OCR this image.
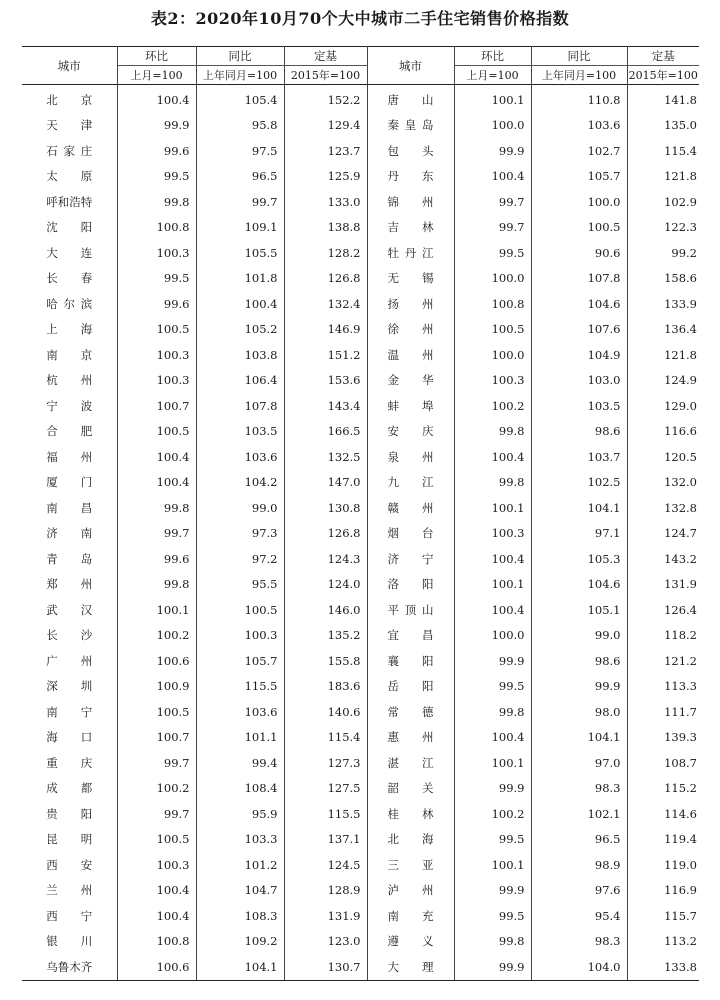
表2：2020年10月70个大中城市二手住宅销售价格指数
城市	环比	同比	定基	城市	环比	同比	定基
	上月=100	上年同月=100	2015年=100		上月=100	上年同月=100	2015年=100

北 京	100.4	105.4	152.2	唐 山	100.1	110.8	141.8

天 津	99.9	95.8	129.4	秦 皇 岛	100.0	103.6	135.0

石 家 庄	99.6	97.5	123.7	包 头	99.9	102.7	115.4

太 原	99.5	96.5	125.9	丹 东	100.4	105.7	121.8
呼和浩特	99.8	99.7	133.0	锦 州	99.7	100.0	102.9

沈 阳	100.8	109.1	138.8	吉 林	99.7	100.5	122.3

大 连	100.3	105.5	128.2	牡 丹 江	99.5	90.6	99.2

长 春	99.5	101.8	126.8	无 锡	100.0	107.8	158.6

哈 尔 滨	99.6	100.4	132.4	扬 州	100.8	104.6	133.9

上 海	100.5	105.2	146.9	徐 州	100.5	107.6	136.4

南 京	100.3	103.8	151.2	温 州	100.0	104.9	121.8

杭 州	100.3	106.4	153.6	金 华	100.3	103.0	124.9

宁 波	100.7	107.8	143.4	蚌 埠	100.2	103.5	129.0

合 肥	100.5	103.5	166.5	安 庆	99.8	98.6	116.6

福 州	100.4	103.6	132.5	泉 州	100.4	103.7	120.5

厦 门	100.4	104.2	147.0	九 江	99.8	102.5	132.0

南 昌	99.8	99.0	130.8	赣 州	100.1	104.1	132.8

济 南	99.7	97.3	126.8	烟 台	100.3	97.1	124.7

青 岛	99.6	97.2	124.3	济 宁	100.4	105.3	143.2

郑 州	99.8	95.5	124.0	洛 阳	100.1	104.6	131.9

武 汉	100.1	100.5	146.0	平 顶 山	100.4	105.1	126.4

长 沙	100.2	100.3	135.2	宜 昌	100.0	99.0	118.2

广 州	100.6	105.7	155.8	襄 阳	99.9	98.6	121.2

深 圳	100.9	115.5	183.6	岳 阳	99.5	99.9	113.3

南 宁	100.5	103.6	140.6	常 德	99.8	98.0	111.7

海 口	100.7	101.1	115.4	惠 州	100.4	104.1	139.3

重 庆	99.7	99.4	127.3	湛 江	100.1	97.0	108.7

成 都	100.2	108.4	127.5	韶 关	99.9	98.3	115.2

贵 阳	99.7	95.9	115.5	桂 林	100.2	102.1	114.6

昆 明	100.5	103.3	137.1	北 海	99.5	96.5	119.4

西 安	100.3	101.2	124.5	三 亚	100.1	98.9	119.0

兰 州	100.4	104.7	128.9	泸 州	99.9	97.6	116.9

西 宁	100.4	108.3	131.9	南 充	99.5	95.4	115.7

银 川	100.8	109.2	123.0	遵 义	99.8	98.3	113.2
乌鲁木齐	100.6	104.1	130.7	大 理	99.9	104.0	133.8
